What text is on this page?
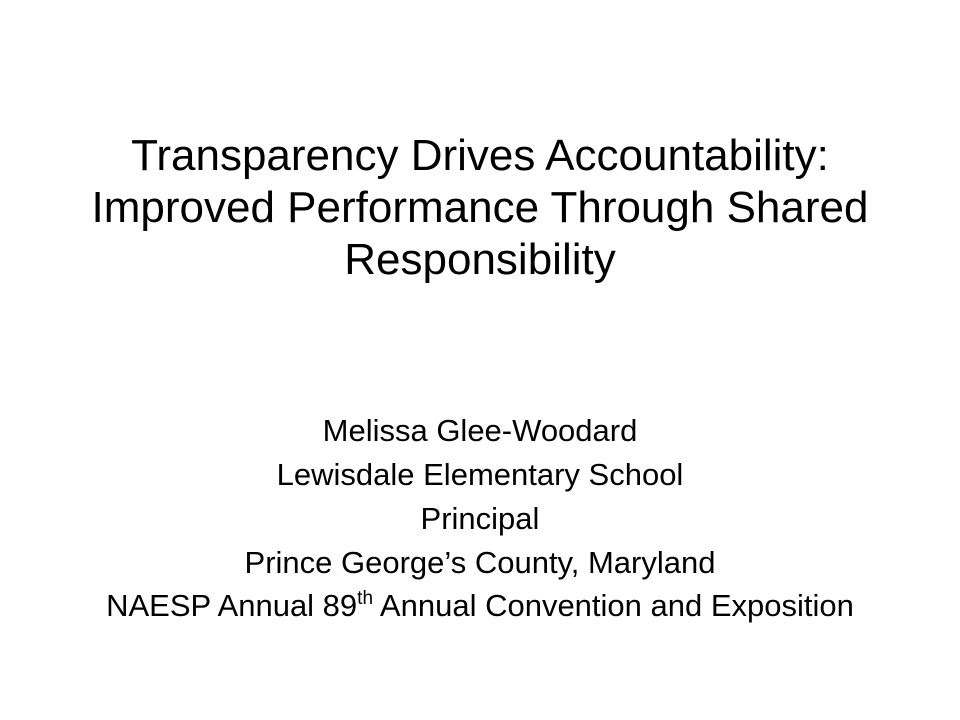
Transparency Drives Accountability: Improved Performance Through Shared Responsibility
Melissa Glee-Woodard
Lewisdale Elementary School
Principal
Prince George’s County, Maryland
NAESP Annual 89th Annual Convention and Exposition
